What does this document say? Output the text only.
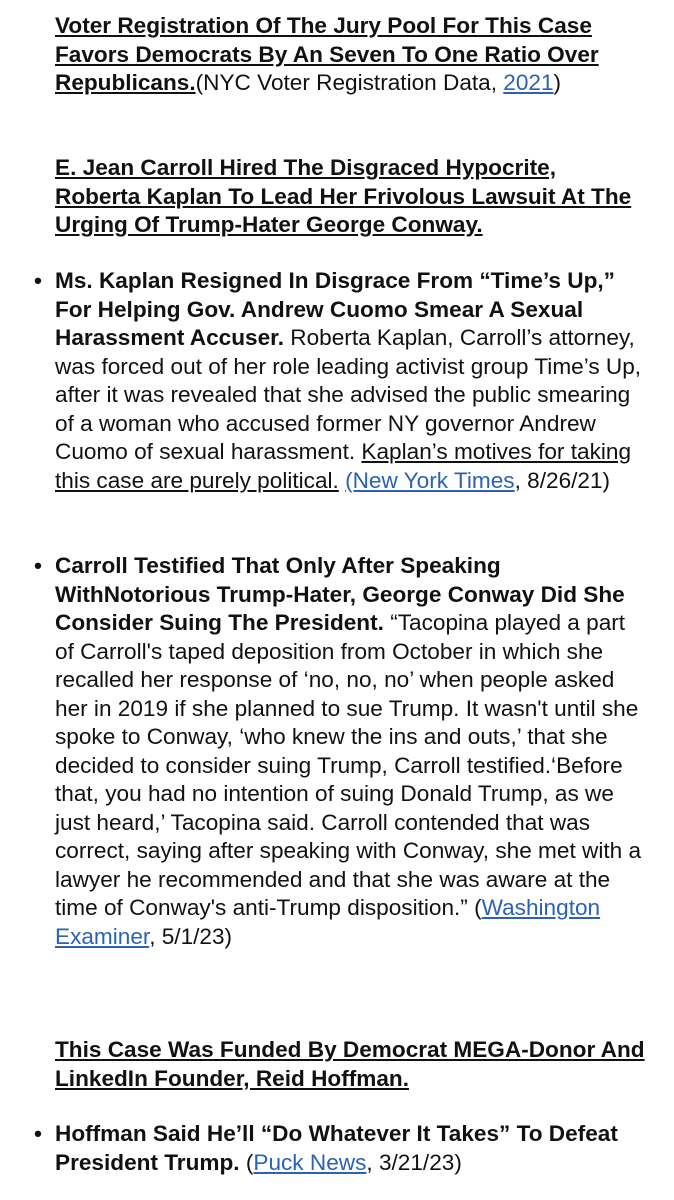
Voter Registration Of The Jury Pool For This Case Favors Democrats By An Seven To One Ratio Over Republicans.(NYC Voter Registration Data, 2021)
E. Jean Carroll Hired The Disgraced Hypocrite, Roberta Kaplan To Lead Her Frivolous Lawsuit At The Urging Of Trump-Hater George Conway.
• Ms. Kaplan Resigned In Disgrace From “Time’s Up,” For Helping Gov. Andrew Cuomo Smear A Sexual Harassment Accuser. Roberta Kaplan, Carroll’s attorney, was forced out of her role leading activist group Time’s Up, after it was revealed that she advised the public smearing of a woman who accused former NY governor Andrew Cuomo of sexual harassment. Kaplan’s motives for taking this case are purely political. (New York Times, 8/26/21)
• Carroll Testified That Only After Speaking WithNotorious Trump-Hater, George Conway Did She Consider Suing The President. “Tacopina played a part of Carroll's taped deposition from October in which she recalled her response of ‘no, no, no’ when people asked her in 2019 if she planned to sue Trump. It wasn't until she spoke to Conway, ‘who knew the ins and outs,’ that she decided to consider suing Trump, Carroll testified.‘Before that, you had no intention of suing Donald Trump, as we just heard,’ Tacopina said. Carroll contended that was correct, saying after speaking with Conway, she met with a lawyer he recommended and that she was aware at the time of Conway's anti-Trump disposition.” (Washington Examiner, 5/1/23)
This Case Was Funded By Democrat MEGA-Donor And LinkedIn Founder, Reid Hoffman.
• Hoffman Said He’ll “Do Whatever It Takes” To Defeat President Trump. (Puck News, 3/21/23)
